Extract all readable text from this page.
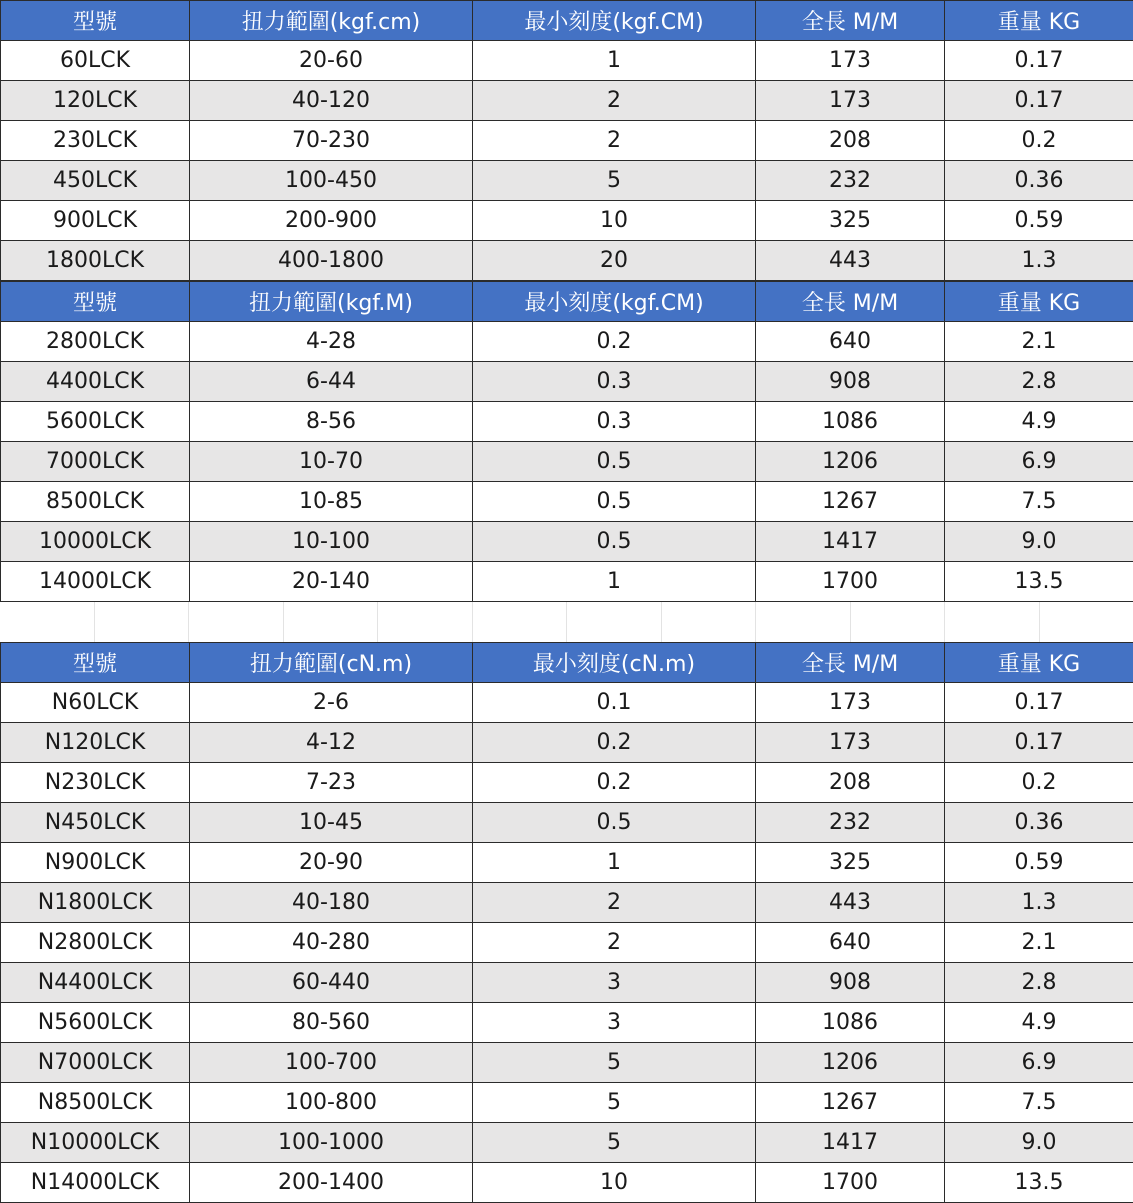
型號	扭力範圍(kgf.cm)	最小刻度(kgf.CM)	全長 M/M	重量 KG
60LCK	20-60	1	173	0.17
120LCK	40-120	2	173	0.17
230LCK	70-230	2	208	0.2
450LCK	100-450	5	232	0.36
900LCK	200-900	10	325	0.59
1800LCK	400-1800	20	443	1.3
型號	扭力範圍(kgf.M)	最小刻度(kgf.CM)	全長 M/M	重量 KG
2800LCK	4-28	0.2	640	2.1
4400LCK	6-44	0.3	908	2.8
5600LCK	8-56	0.3	1086	4.9
7000LCK	10-70	0.5	1206	6.9
8500LCK	10-85	0.5	1267	7.5
10000LCK	10-100	0.5	1417	9.0
14000LCK	20-140	1	1700	13.5
型號	扭力範圍(cN.m)	最小刻度(cN.m)	全長 M/M	重量 KG
N60LCK	2-6	0.1	173	0.17
N120LCK	4-12	0.2	173	0.17
N230LCK	7-23	0.2	208	0.2
N450LCK	10-45	0.5	232	0.36
N900LCK	20-90	1	325	0.59
N1800LCK	40-180	2	443	1.3
N2800LCK	40-280	2	640	2.1
N4400LCK	60-440	3	908	2.8
N5600LCK	80-560	3	1086	4.9
N7000LCK	100-700	5	1206	6.9
N8500LCK	100-800	5	1267	7.5
N10000LCK	100-1000	5	1417	9.0
N14000LCK	200-1400	10	1700	13.5
